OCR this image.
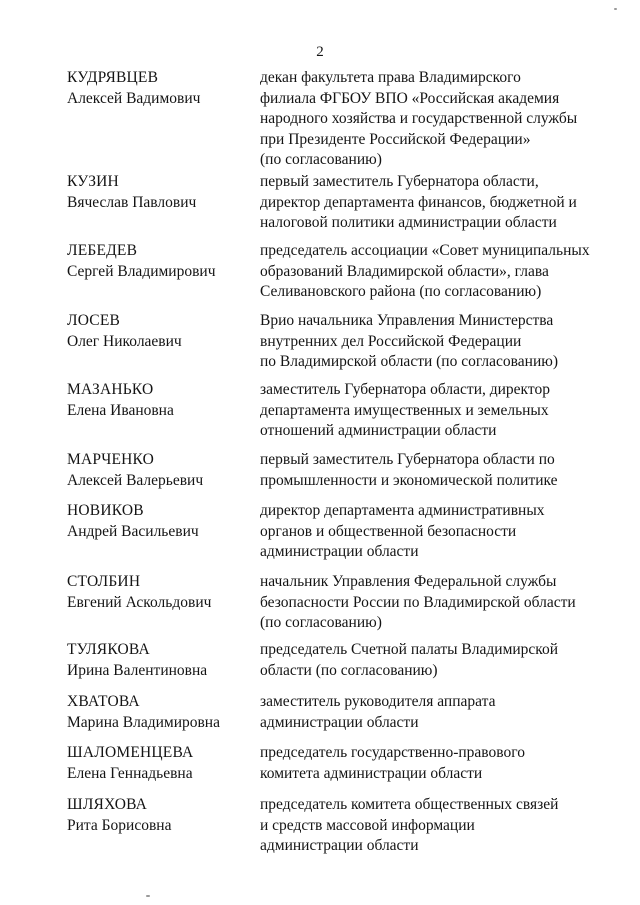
2
КУДРЯВЦЕВ
Алексей Вадимович
декан факультета права Владимирского
филиала ФГБОУ ВПО «Российская академия
народного хозяйства и государственной службы
при Президенте Российской Федерации»
(по согласованию)
КУЗИН
Вячеслав Павлович
первый заместитель Губернатора области,
директор департамента финансов, бюджетной и
налоговой политики администрации области
ЛЕБЕДЕВ
Сергей Владимирович
председатель ассоциации «Совет муниципальных
образований Владимирской области», глава
Селивановского района (по согласованию)
ЛОСЕВ
Олег Николаевич
Врио начальника Управления Министерства
внутренних дел Российской Федерации
по Владимирской области (по согласованию)
МАЗАНЬКО
Елена Ивановна
заместитель Губернатора области, директор
департамента имущественных и земельных
отношений администрации области
МАРЧЕНКО
Алексей Валерьевич
первый заместитель Губернатора области по
промышленности и экономической политике
НОВИКОВ
Андрей Васильевич
директор департамента административных
органов и общественной безопасности
администрации области
СТОЛБИН
Евгений Аскольдович
начальник Управления Федеральной службы
безопасности России по Владимирской области
(по согласованию)
ТУЛЯКОВА
Ирина Валентиновна
председатель Счетной палаты Владимирской
области (по согласованию)
ХВАТОВА
Марина Владимировна
заместитель руководителя аппарата
администрации области
ШАЛОМЕНЦЕВА
Елена Геннадьевна
председатель государственно-правового
комитета администрации области
ШЛЯХОВА
Рита Борисовна
председатель комитета общественных связей
и средств массовой информации
администрации области
